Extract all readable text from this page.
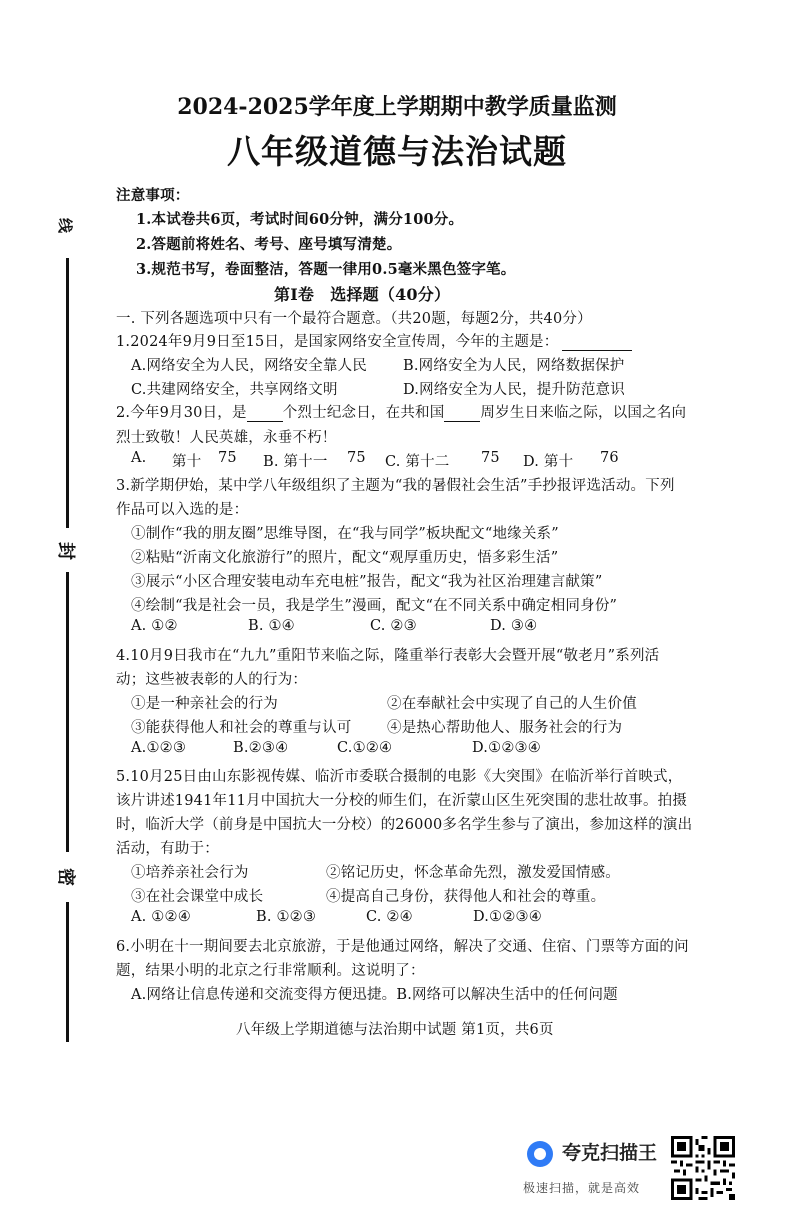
线
封
密
2024-2025学年度上学期期中教学质量监测
八年级道德与法治试题
注意事项：
1.本试卷共6页，考试时间60分钟，满分100分。
2.答题前将姓名、考号、座号填写清楚。
3.规范书写，卷面整洁，答题一律用0.5毫米黑色签字笔。
第Ⅰ卷　选择题（40分）
一. 下列各题选项中只有一个最符合题意。（共20题，每题2分，共40分）
1.2024年9月9日至15日，是国家网络安全宣传周，今年的主题是：
A.网络安全为人民，网络安全靠人民 B.网络安全为人民，网络数据保护
C.共建网络安全，共享网络文明	D.网络安全为人民，提升防范意识
2.今年9月30日，是 个烈士纪念日，在共和国 周岁生日来临之际，以国之名向
烈士致敬！人民英雄，永垂不朽！
A. 第十 75 B. 第十一 75 C. 第十二 75 D. 第十 76
3.新学期伊始，某中学八年级组织了主题为“我的暑假社会生活”手抄报评选活动。下列
作品可以入选的是：
①制作“我的朋友圈”思维导图，在“我与同学”板块配文“地缘关系”
②粘贴“沂南文化旅游行”的照片，配文“观厚重历史，悟多彩生活”
③展示“小区合理安装电动车充电桩”报告，配文“我为社区治理建言献策”
④绘制“我是社会一员，我是学生”漫画，配文“在不同关系中确定相同身份”
A. ①②	B. ①④	C. ②③	D. ③④
4.10月9日我市在“九九”重阳节来临之际，隆重举行表彰大会暨开展“敬老月”系列活
动；这些被表彰的人的行为：
①是一种亲社会的行为	②在奉献社会中实现了自己的人生价值
③能获得他人和社会的尊重与认可 ④是热心帮助他人、服务社会的行为
A.①②③	B.②③④	C.①②④	D.①②③④
5.10月25日由山东影视传媒、临沂市委联合摄制的电影《大突围》在临沂举行首映式，
该片讲述1941年11月中国抗大一分校的师生们，在沂蒙山区生死突围的悲壮故事。拍摄
时，临沂大学（前身是中国抗大一分校）的26000多名学生参与了演出，参加这样的演出
活动，有助于：
①培养亲社会行为	②铭记历史，怀念革命先烈，激发爱国情感。
③在社会课堂中成长	④提高自己身份，获得他人和社会的尊重。
A. ①②④	B. ①②③	C. ②④	D.①②③④
6.小明在十一期间要去北京旅游，于是他通过网络，解决了交通、住宿、门票等方面的问
题，结果小明的北京之行非常顺利。这说明了：
A.网络让信息传递和交流变得方便迅捷。B.网络可以解决生活中的任何问题
八年级上学期道德与法治期中试题 第1页，共6页
夸克扫描王
极速扫描，就是高效
